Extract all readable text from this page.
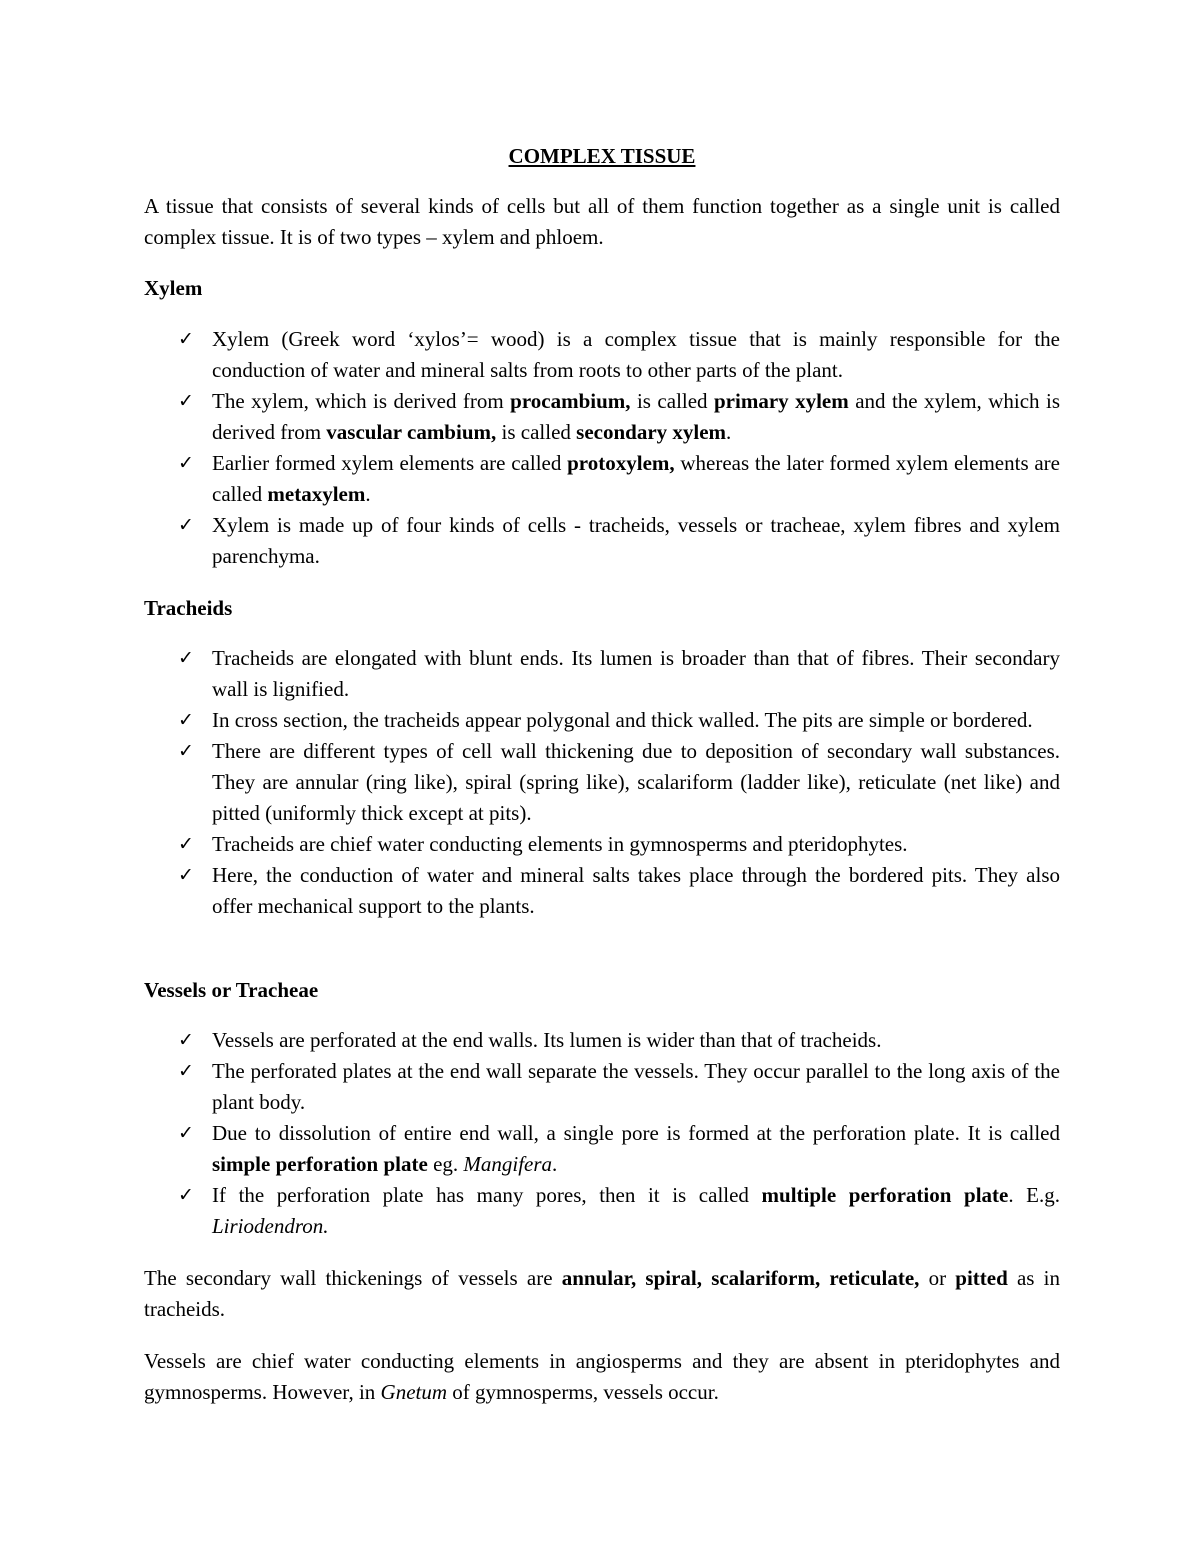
COMPLEX TISSUE

A tissue that consists of several kinds of cells but all of them function together as a single unit is called complex tissue. It is of two types – xylem and phloem.

Xylem

✓ Xylem (Greek word ‘xylos’= wood) is a complex tissue that is mainly responsible for the conduction of water and mineral salts from roots to other parts of the plant.
✓ The xylem, which is derived from procambium, is called primary xylem and the xylem, which is derived from vascular cambium, is called secondary xylem.
✓ Earlier formed xylem elements are called protoxylem, whereas the later formed xylem elements are called metaxylem.
✓ Xylem is made up of four kinds of cells - tracheids, vessels or tracheae, xylem fibres and xylem parenchyma.

Tracheids

✓ Tracheids are elongated with blunt ends. Its lumen is broader than that of fibres. Their secondary wall is lignified.
✓ In cross section, the tracheids appear polygonal and thick walled. The pits are simple or bordered.
✓ There are different types of cell wall thickening due to deposition of secondary wall substances. They are annular (ring like), spiral (spring like), scalariform (ladder like), reticulate (net like) and pitted (uniformly thick except at pits).
✓ Tracheids are chief water conducting elements in gymnosperms and pteridophytes.
✓ Here, the conduction of water and mineral salts takes place through the bordered pits. They also offer mechanical support to the plants.

Vessels or Tracheae

✓ Vessels are perforated at the end walls. Its lumen is wider than that of tracheids.
✓ The perforated plates at the end wall separate the vessels. They occur parallel to the long axis of the plant body.
✓ Due to dissolution of entire end wall, a single pore is formed at the perforation plate. It is called simple perforation plate eg. Mangifera.
✓ If the perforation plate has many pores, then it is called multiple perforation plate. E.g. Liriodendron.

The secondary wall thickenings of vessels are annular, spiral, scalariform, reticulate, or pitted as in tracheids.

Vessels are chief water conducting elements in angiosperms and they are absent in pteridophytes and gymnosperms. However, in Gnetum of gymnosperms, vessels occur.
